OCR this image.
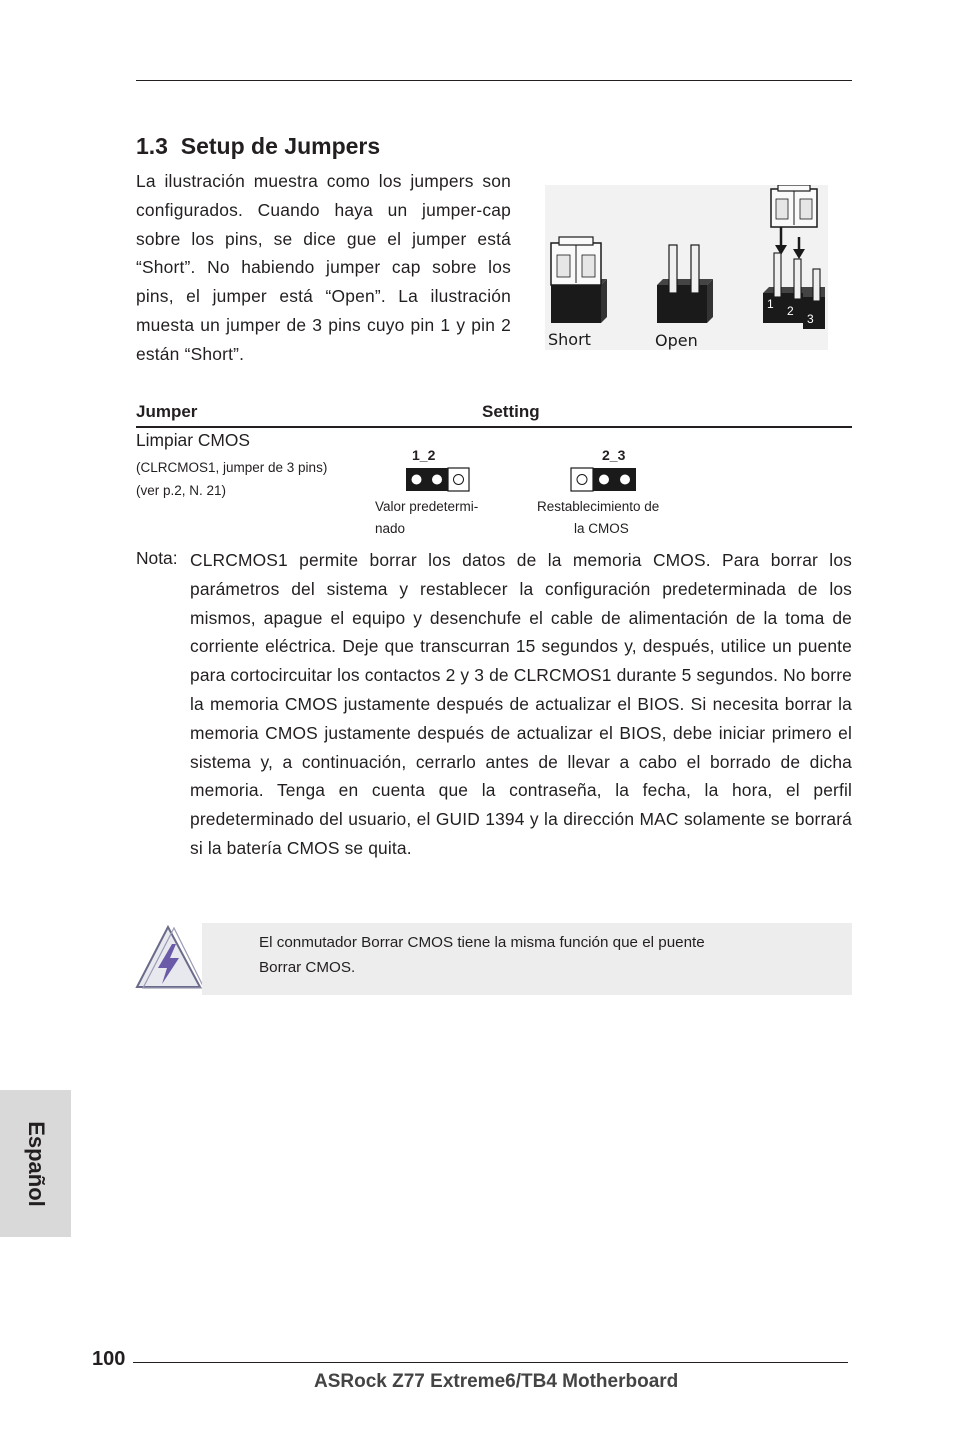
1.3 Setup de Jumpers
La ilustración muestra como los jumpers son configurados. Cuando haya un jumper-cap sobre los pins, se dice gue el jumper está “Short”. No habiendo jumper cap sobre los pins, el jumper está “Open”. La ilustración muesta un jumper de 3 pins cuyo pin 1 y pin 2 están “Short”.
1 2
3
Short	Open
Jumper	Setting
Limpiar CMOS
(CLRCMOS1, jumper de 3 pins)
(ver p.2, N. 21)
1_2
Valor predetermi-
nado
2_3
Restablecimiento de
la CMOS
Nota: CLRCMOS1 permite borrar los datos de la memoria CMOS. Para borrar los parámetros del sistema y restablecer la configuración predeterminada de los mismos, apague el equipo y desenchufe el cable de alimentación de la toma de corriente eléctrica. Deje que transcurran 15 segundos y, después, utilice un puente para cortocircuitar los contactos 2 y 3 de CLRCMOS1 durante 5 segundos. No borre la memoria CMOS justamente después de actualizar el BIOS. Si necesita borrar la memoria CMOS justamente después de actualizar el BIOS, debe iniciar primero el sistema y, a continuación, cerrarlo antes de llevar a cabo el borrado de dicha memoria. Tenga en cuenta que la contraseña, la fecha, la hora, el perfil predeterminado del usuario, el GUID 1394 y la dirección MAC solamente se borrará si la batería CMOS se quita.
El conmutador Borrar CMOS tiene la misma función que el puente
Borrar CMOS.
Español
100
ASRock Z77 Extreme6/TB4 Motherboard
